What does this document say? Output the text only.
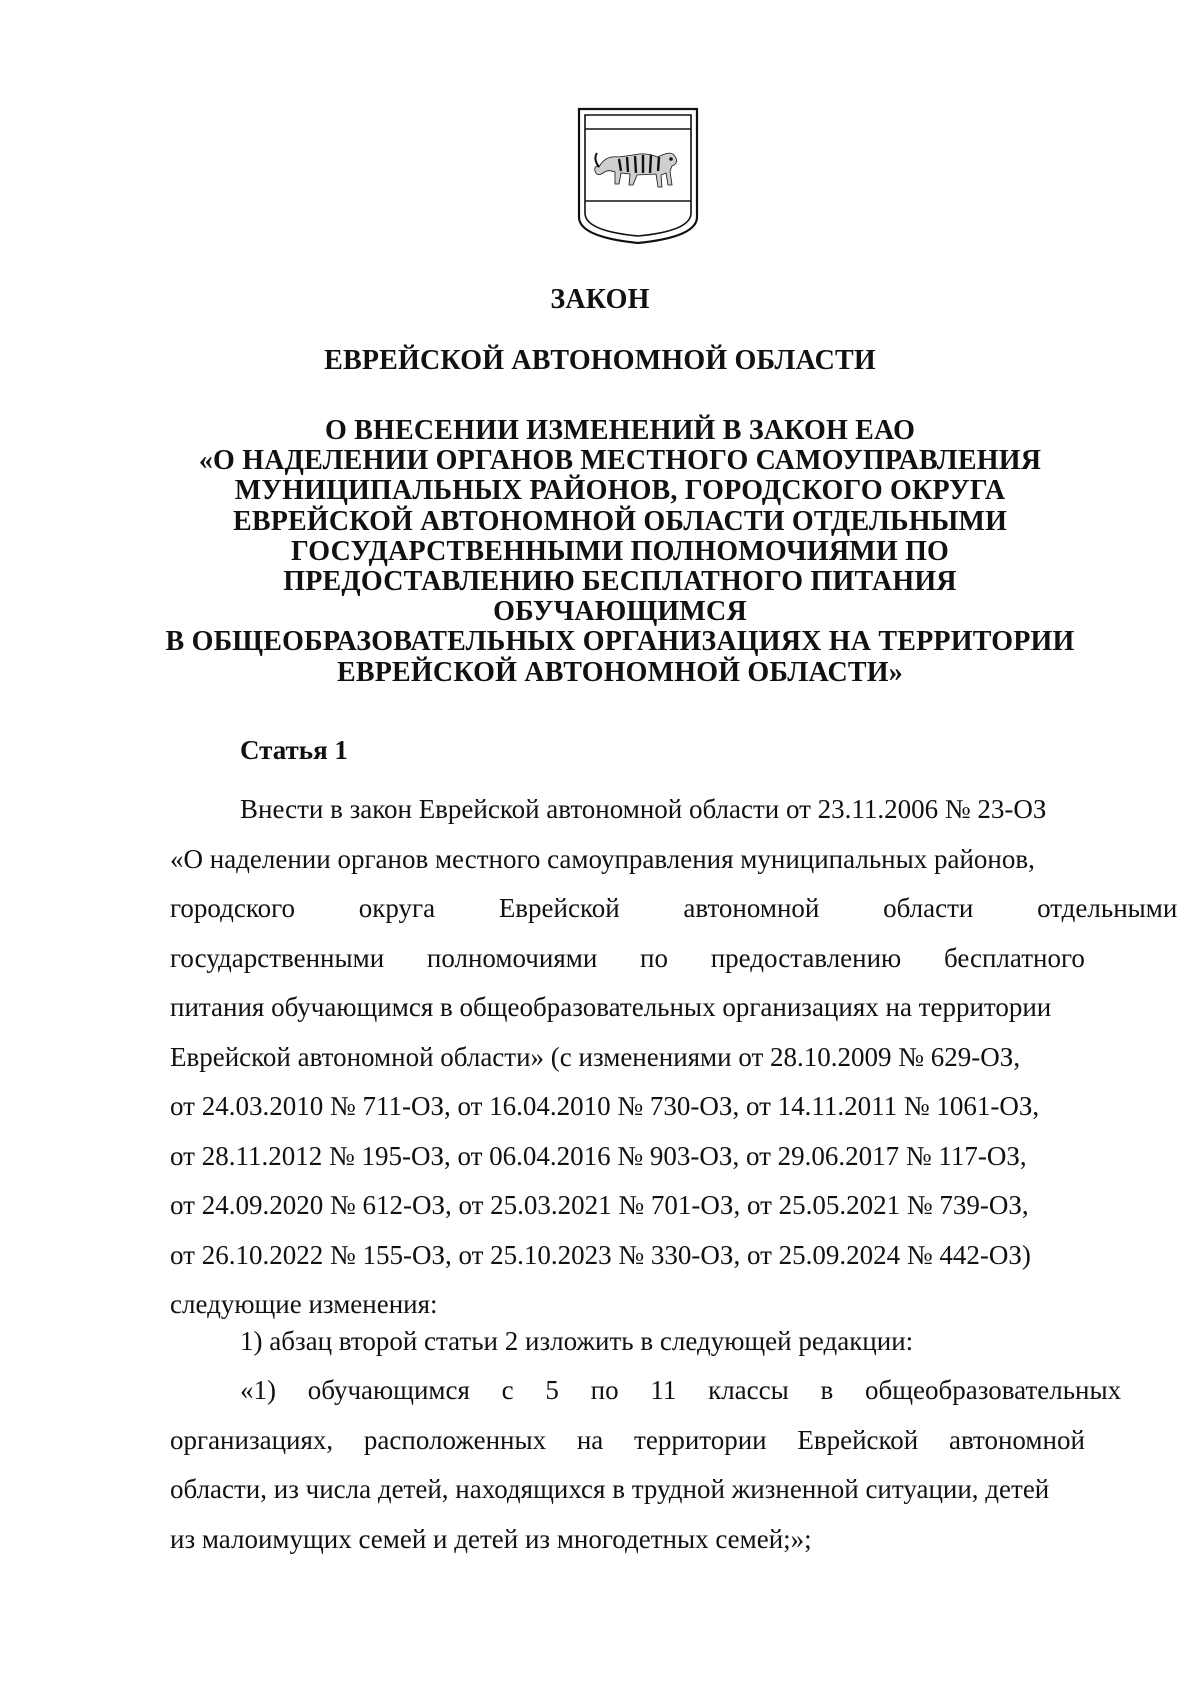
ЗАКОН
ЕВРЕЙСКОЙ АВТОНОМНОЙ ОБЛАСТИ
О ВНЕСЕНИИ ИЗМЕНЕНИЙ В ЗАКОН ЕАО
«О НАДЕЛЕНИИ ОРГАНОВ МЕСТНОГО САМОУПРАВЛЕНИЯ
МУНИЦИПАЛЬНЫХ РАЙОНОВ, ГОРОДСКОГО ОКРУГА
ЕВРЕЙСКОЙ АВТОНОМНОЙ ОБЛАСТИ ОТДЕЛЬНЫМИ
ГОСУДАРСТВЕННЫМИ ПОЛНОМОЧИЯМИ ПО
ПРЕДОСТАВЛЕНИЮ БЕСПЛАТНОГО ПИТАНИЯ ОБУЧАЮЩИМСЯ
В ОБЩЕОБРАЗОВАТЕЛЬНЫХ ОРГАНИЗАЦИЯХ НА ТЕРРИТОРИИ
ЕВРЕЙСКОЙ АВТОНОМНОЙ ОБЛАСТИ»
Статья 1
Внести в закон Еврейской автономной области от 23.11.2006 № 23-ОЗ
«О наделении органов местного самоуправления муниципальных районов,
городского округа Еврейской автономной области отдельными
государственными полномочиями по предоставлению бесплатного
питания обучающимся в общеобразовательных организациях на территории
Еврейской автономной области» (с изменениями от 28.10.2009 № 629-ОЗ,
от 24.03.2010 № 711-ОЗ, от 16.04.2010 № 730-ОЗ, от 14.11.2011 № 1061-ОЗ,
от 28.11.2012 № 195-ОЗ, от 06.04.2016 № 903-ОЗ, от 29.06.2017 № 117-ОЗ,
от 24.09.2020 № 612-ОЗ, от 25.03.2021 № 701-ОЗ, от 25.05.2021 № 739-ОЗ,
от 26.10.2022 № 155-ОЗ, от 25.10.2023 № 330-ОЗ, от 25.09.2024 № 442-ОЗ)
следующие изменения:
1) абзац второй статьи 2 изложить в следующей редакции:
«1) обучающимся с 5 по 11 классы в общеобразовательных
организациях, расположенных на территории Еврейской автономной
области, из числа детей, находящихся в трудной жизненной ситуации, детей
из малоимущих семей и детей из многодетных семей;»;
